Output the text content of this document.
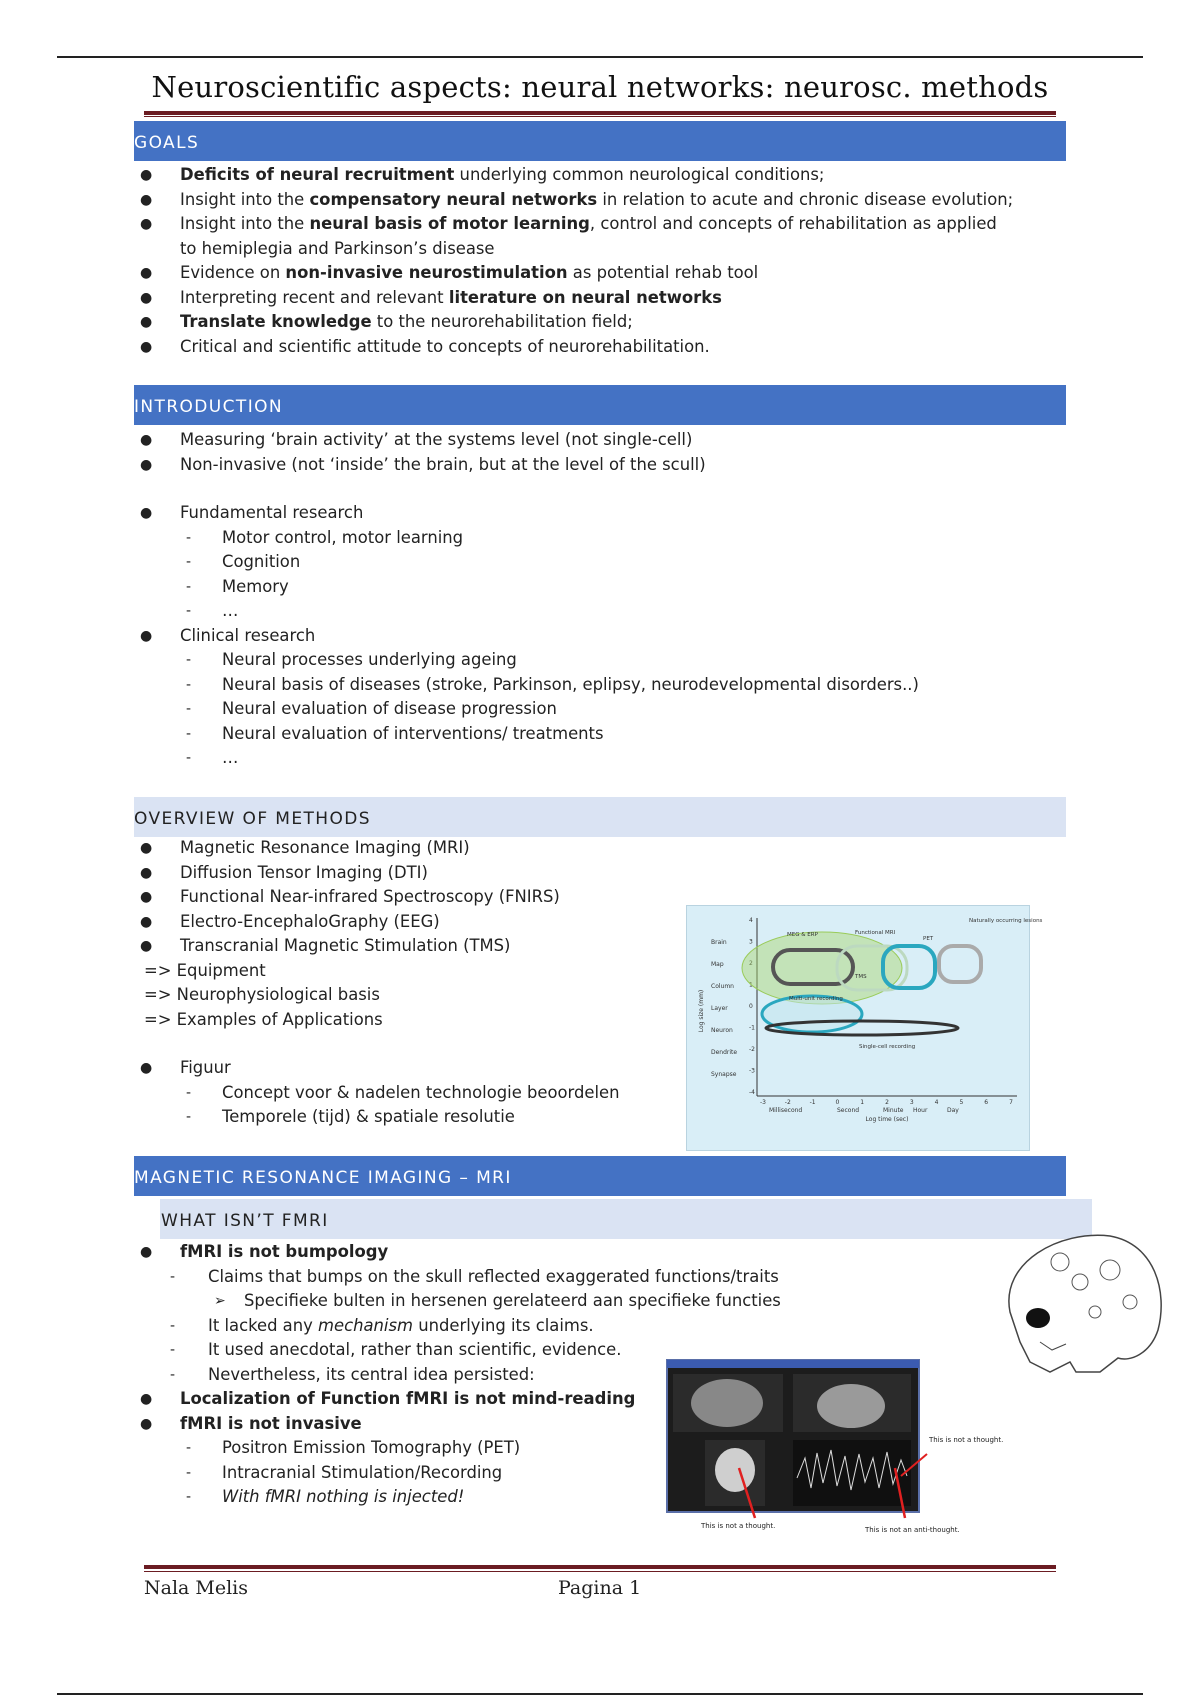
Neuroscientific aspects: neural networks: neurosc. methods
GOALS
● Deficits of neural recruitment underlying common neurological conditions;
● Insight into the compensatory neural networks in relation to acute and chronic disease evolution;
● Insight into the neural basis of motor learning, control and concepts of rehabilitation as applied to hemiplegia and Parkinson’s disease
● Evidence on non-invasive neurostimulation as potential rehab tool
● Interpreting recent and relevant literature on neural networks
● Translate knowledge to the neurorehabilitation field;
● Critical and scientific attitude to concepts of neurorehabilitation.
INTRODUCTION
● Measuring ‘brain activity’ at the systems level (not single-cell)
● Non-invasive (not ‘inside’ the brain, but at the level of the scull)
● Fundamental research
- Motor control, motor learning
- Cognition
- Memory
- …
● Clinical research
- Neural processes underlying ageing
- Neural basis of diseases (stroke, Parkinson, eplipsy, neurodevelopmental disorders..)
- Neural evaluation of disease progression
- Neural evaluation of interventions/ treatments
- …
OVERVIEW OF METHODS
● Magnetic Resonance Imaging (MRI)
● Diffusion Tensor Imaging (DTI)
● Functional Near-infrared Spectroscopy (FNIRS)
● Electro-EncephaloGraphy (EEG)
● Transcranial Magnetic Stimulation (TMS)
=> Equipment
=> Neurophysiological basis
=> Examples of Applications
● Figuur
- Concept voor & nadelen technologie beoordelen
- Temporele (tijd) & spatiale resolutie
4
3
2
1
0
-1
-2
-3
-4
-3	-2	-1	0	1	2	3	4	5	6	7
Brain
Map
Column
Layer
Neuron
Dendrite
Synapse
Millisecond	Second	Minute Hour	Day
Log size (mm)
Log time (sec)
MEG & ERP	Functional MRI
PET
Naturally occurring lesions
TMS
Multi-unit recording
Single-cell recording
MAGNETIC RESONANCE IMAGING – MRI
WHAT ISN’T FMRI
● fMRI is not bumpology
- Claims that bumps on the skull reflected exaggerated functions/traits
➢ Specifieke bulten in hersenen gerelateerd aan specifieke functies
- It lacked any mechanism underlying its claims.
- It used anecdotal, rather than scientific, evidence.
- Nevertheless, its central idea persisted:
● Localization of Function fMRI is not mind-reading
● fMRI is not invasive
- Positron Emission Tomography (PET)
- Intracranial Stimulation/Recording
- With fMRI nothing is injected!
This is not a thought.	This is not an anti-thought.
This is not a thought.
Nala Melis	Pagina 1
